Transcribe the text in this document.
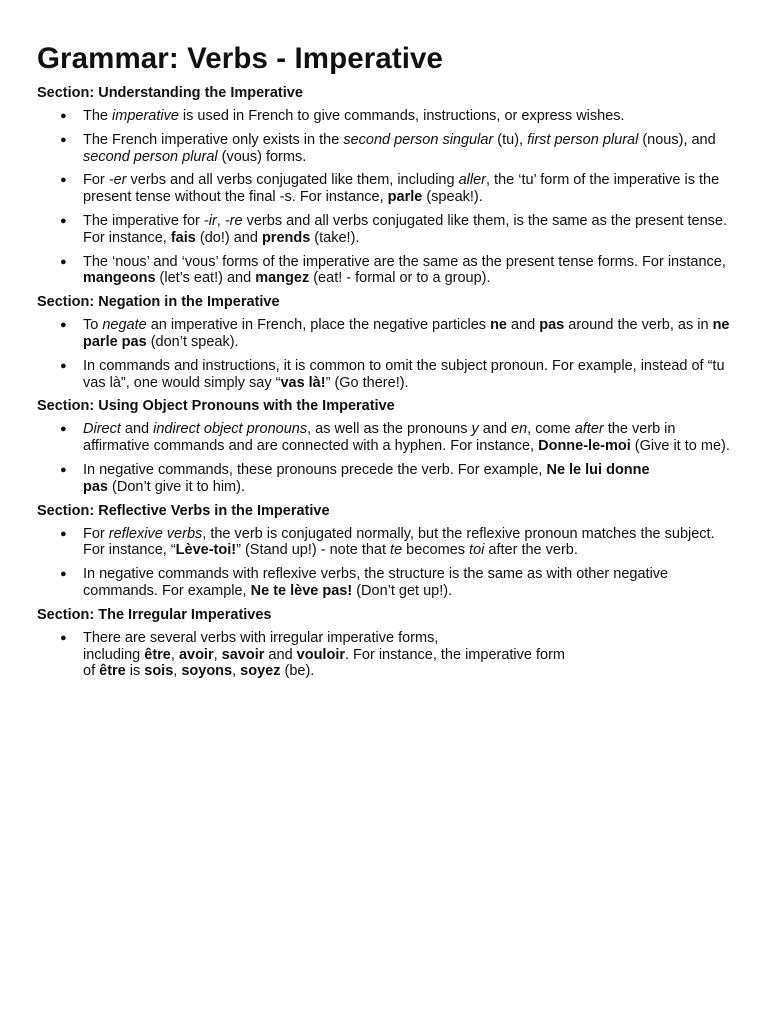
Grammar: Verbs - Imperative
Section: Understanding the Imperative
● The imperative is used in French to give commands, instructions, or express wishes.
● The French imperative only exists in the second person singular (tu), first person plural (nous), and second person plural (vous) forms.
● For -er verbs and all verbs conjugated like them, including aller, the ‘tu’ form of the imperative is the present tense without the final -s. For instance, parle (speak!).
● The imperative for -ir, -re verbs and all verbs conjugated like them, is the same as the present tense. For instance, fais (do!) and prends (take!).
● The ‘nous’ and ‘vous’ forms of the imperative are the same as the present tense forms. For instance, mangeons (let’s eat!) and mangez (eat! - formal or to a group).
Section: Negation in the Imperative
● To negate an imperative in French, place the negative particles ne and pas around the verb, as in ne parle pas (don’t speak).
● In commands and instructions, it is common to omit the subject pronoun. For example, instead of “tu vas là”, one would simply say “vas là!” (Go there!).
Section: Using Object Pronouns with the Imperative
● Direct and indirect object pronouns, as well as the pronouns y and en, come after the verb in affirmative commands and are connected with a hyphen. For instance, Donne-le-moi (Give it to me).
● In negative commands, these pronouns precede the verb. For example, Ne le lui donne
pas (Don’t give it to him).
Section: Reflective Verbs in the Imperative
● For reflexive verbs, the verb is conjugated normally, but the reflexive pronoun matches the subject. For instance, “Lève-toi!” (Stand up!) - note that te becomes toi after the verb.
● In negative commands with reflexive verbs, the structure is the same as with other negative commands. For example, Ne te lève pas! (Don’t get up!).
Section: The Irregular Imperatives
● There are several verbs with irregular imperative forms,
including être, avoir, savoir and vouloir. For instance, the imperative form
of être is sois, soyons, soyez (be).
